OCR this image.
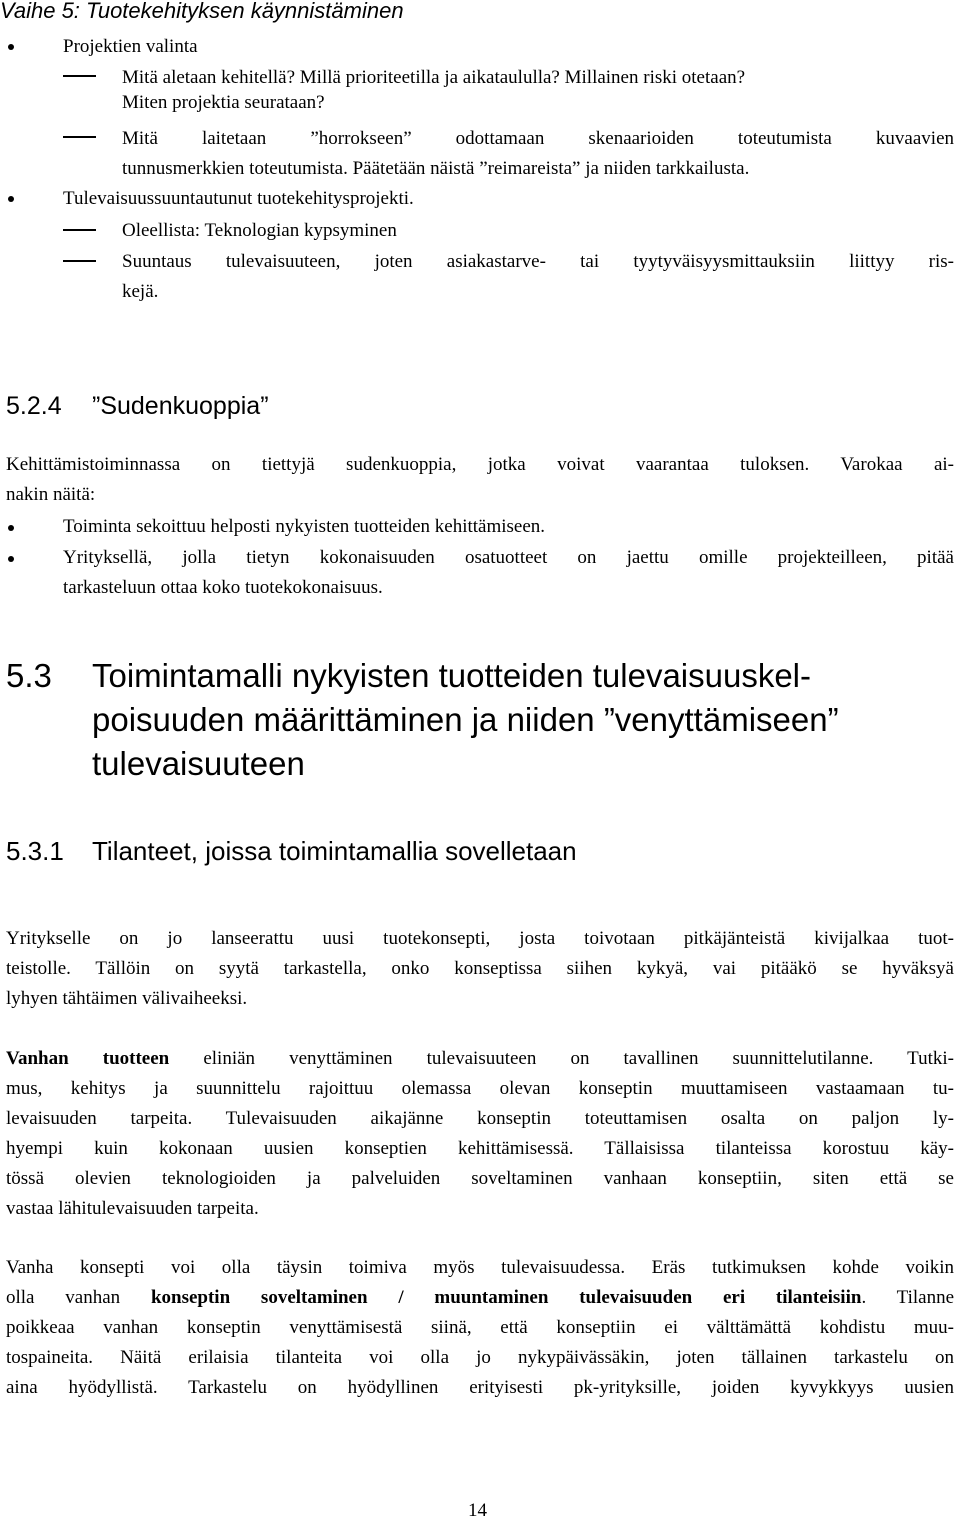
Vaihe 5: Tuotekehityksen käynnistäminen
Projektien valinta
Mitä aletaan kehitellä? Millä prioriteetilla ja aikataululla? Millainen riski otetaan?
Miten projektia seurataan?
Mitä laitetaan ”horrokseen” odottamaan skenaarioiden toteutumista kuvaavien
tunnusmerkkien toteutumista. Päätetään näistä ”reimareista” ja niiden tarkkailusta.
Tulevaisuussuuntautunut tuotekehitysprojekti.
Oleellista: Teknologian kypsyminen
Suuntaus tulevaisuuteen, joten asiakastarve- tai tyytyväisyysmittauksiin liittyy ris-
kejä.
5.2.4 ”Sudenkuoppia”
Kehittämistoiminnassa on tiettyjä sudenkuoppia, jotka voivat vaarantaa tuloksen. Varokaa ai-
nakin näitä:
Toiminta sekoittuu helposti nykyisten tuotteiden kehittämiseen.
Yrityksellä, jolla tietyn kokonaisuuden osatuotteet on jaettu omille projekteilleen, pitää
tarkasteluun ottaa koko tuotekokonaisuus.
5.3 Toimintamalli nykyisten tuotteiden tulevaisuuskel-
poisuuden määrittäminen ja niiden ”venyttämiseen”
tulevaisuuteen
5.3.1 Tilanteet, joissa toimintamallia sovelletaan
Yritykselle on jo lanseerattu uusi tuotekonsepti, josta toivotaan pitkäjänteistä kivijalkaa tuot-
teistolle. Tällöin on syytä tarkastella, onko konseptissa siihen kykyä, vai pitääkö se hyväksyä
lyhyen tähtäimen välivaiheeksi.
Vanhan tuotteen eliniän venyttäminen tulevaisuuteen on tavallinen suunnittelutilanne. Tutki-
mus, kehitys ja suunnittelu rajoittuu olemassa olevan konseptin muuttamiseen vastaamaan tu-
levaisuuden tarpeita. Tulevaisuuden aikajänne konseptin toteuttamisen osalta on paljon ly-
hyempi kuin kokonaan uusien konseptien kehittämisessä. Tällaisissa tilanteissa korostuu käy-
tössä olevien teknologioiden ja palveluiden soveltaminen vanhaan konseptiin, siten että se
vastaa lähitulevaisuuden tarpeita.
Vanha konsepti voi olla täysin toimiva myös tulevaisuudessa. Eräs tutkimuksen kohde voikin
olla vanhan konseptin soveltaminen / muuntaminen tulevaisuuden eri tilanteisiin. Tilanne
poikkeaa vanhan konseptin venyttämisestä siinä, että konseptiin ei välttämättä kohdistu muu-
tospaineita. Näitä erilaisia tilanteita voi olla jo nykypäivässäkin, joten tällainen tarkastelu on
aina hyödyllistä. Tarkastelu on hyödyllinen erityisesti pk-yrityksille, joiden kyvykkyys uusien
14
